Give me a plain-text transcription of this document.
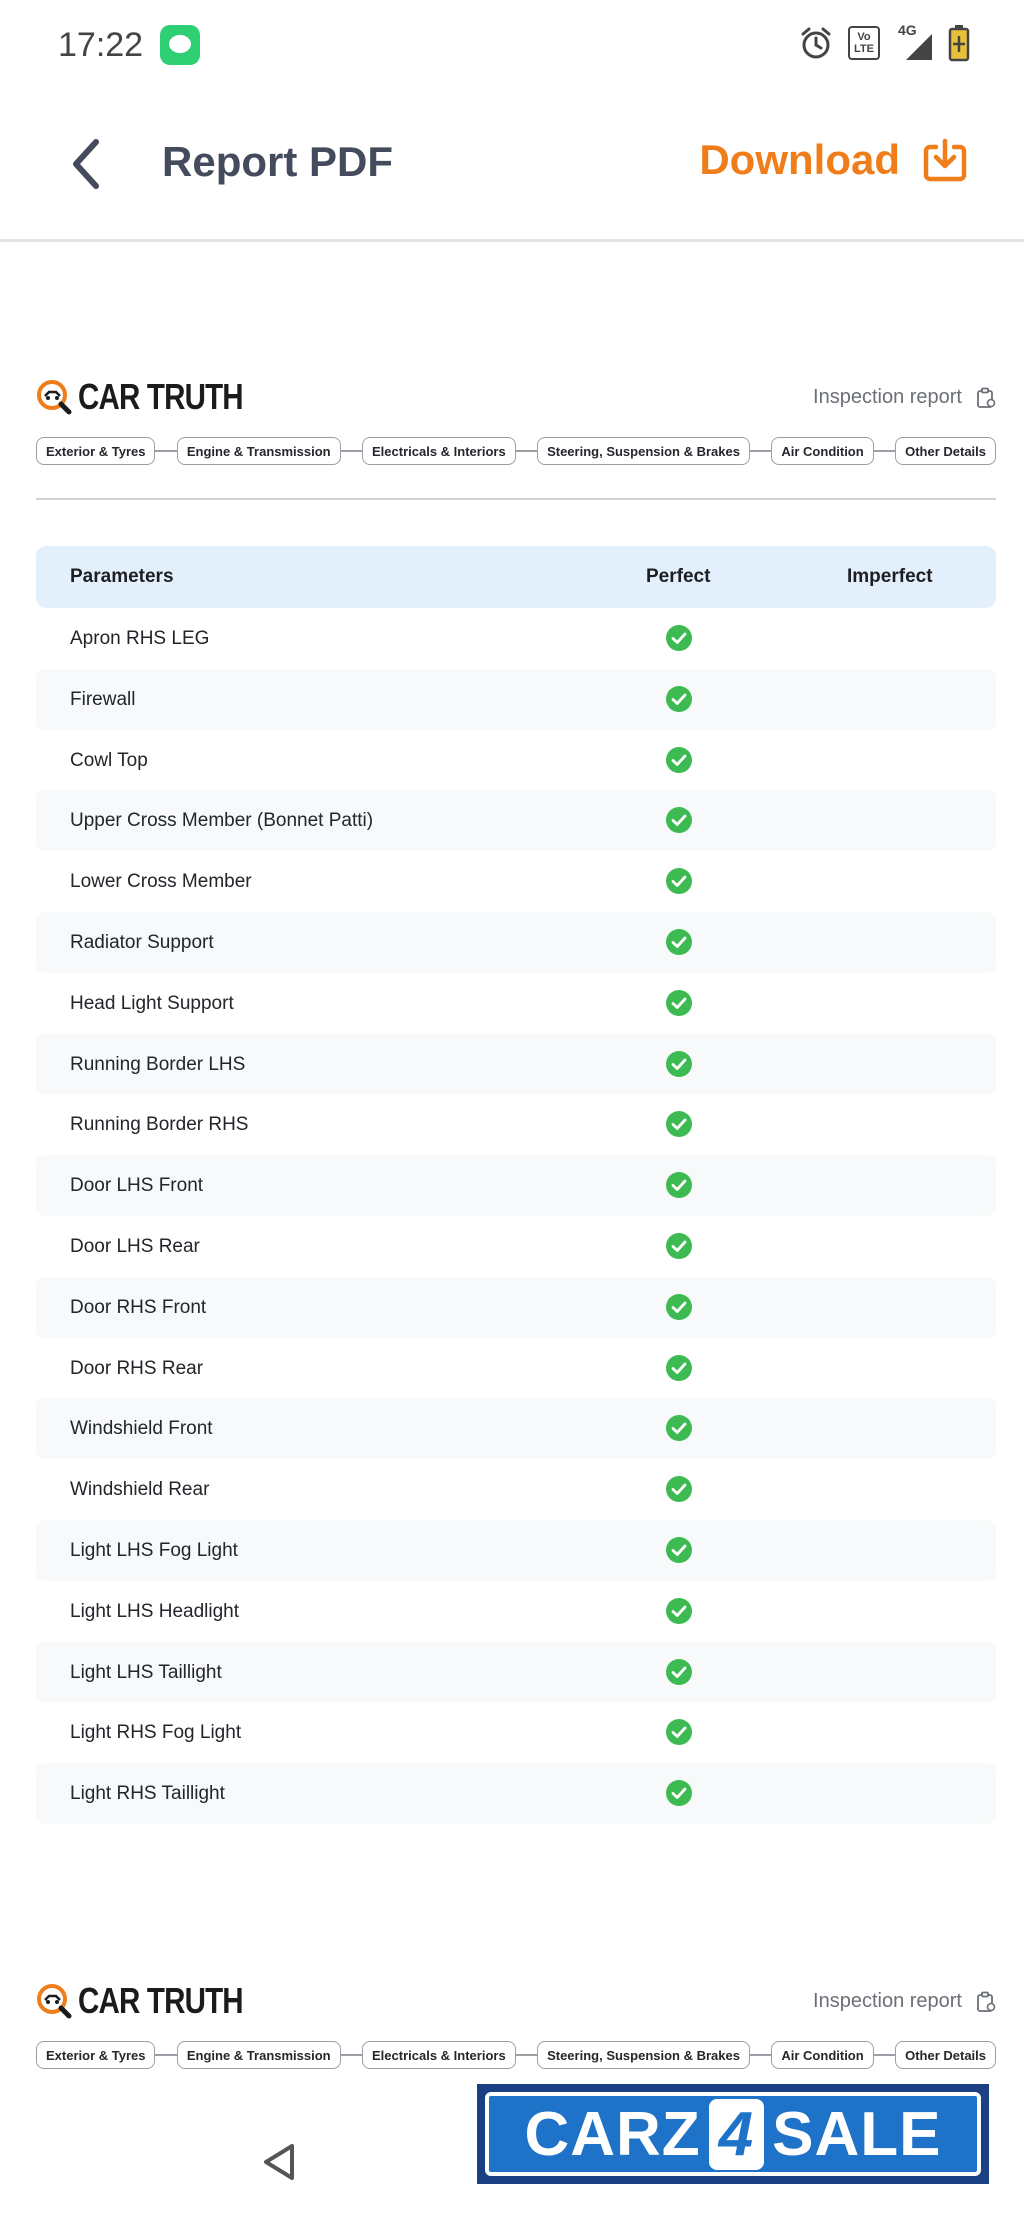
17:22	Vo
LTE
4G
Report PDF	Download
CAR TRUTH	Inspection report
Exterior & Tyres	Engine & Transmission	Electricals & Interiors	Steering, Suspension & Brakes	Air Condition	Other Details
Parameters	Perfect	Imperfect
Apron RHS LEG
Firewall
Cowl Top
Upper Cross Member (Bonnet Patti)
Lower Cross Member
Radiator Support
Head Light Support
Running Border LHS
Running Border RHS
Door LHS Front
Door LHS Rear
Door RHS Front
Door RHS Rear
Windshield Front
Windshield Rear
Light LHS Fog Light
Light LHS Headlight
Light LHS Taillight
Light RHS Fog Light
Light RHS Taillight
CAR TRUTH	Inspection report
Exterior & Tyres	Engine & Transmission	Electricals & Interiors	Steering, Suspension & Brakes	Air Condition	Other Details
CARZ 4 SALE
